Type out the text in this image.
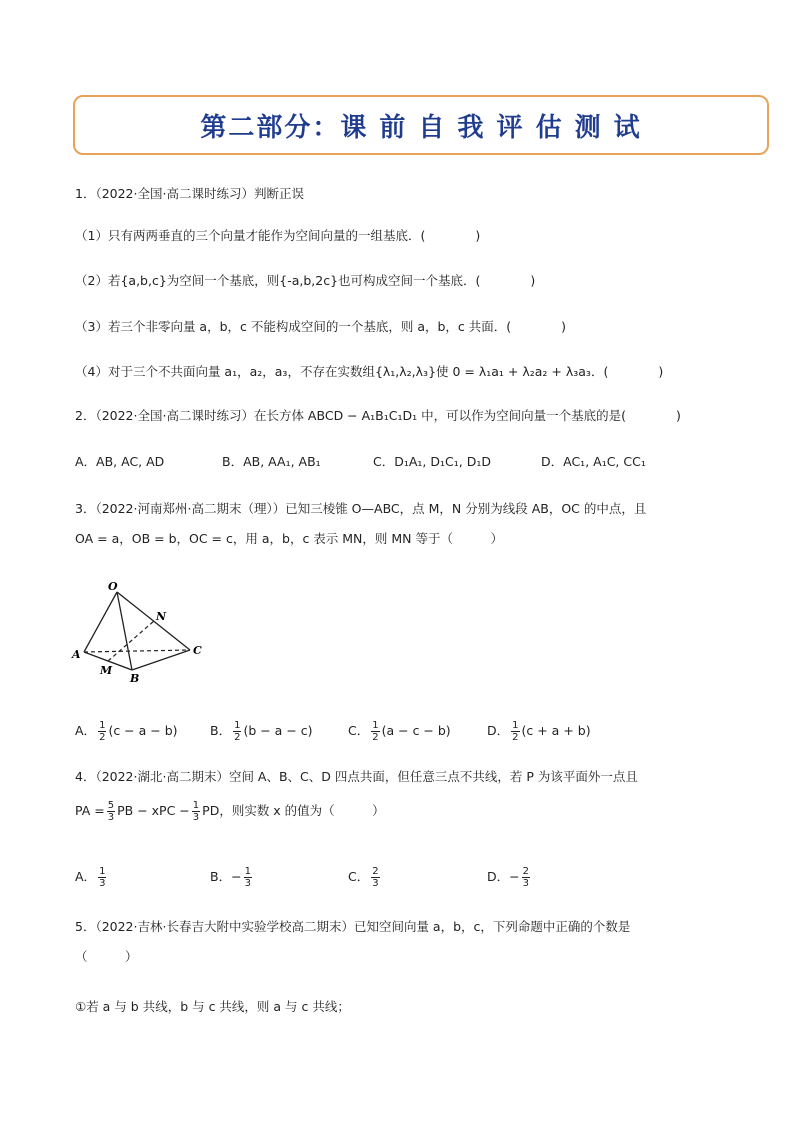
第二部分：课 前 自 我 评 估 测 试
1．（2022·全国·高二课时练习）判断正误
（1）只有两两垂直的三个向量才能作为空间向量的一组基底．(　　　　)
（2）若{a,b,c}为空间一个基底，则{-a,b,2c}也可构成空间一个基底．(　　　　)
（3）若三个非零向量 a，b，c 不能构成空间的一个基底，则 a，b，c 共面．(　　　　)
（4）对于三个不共面向量 a₁，a₂，a₃，不存在实数组{λ₁,λ₂,λ₃}使 0 = λ₁a₁ + λ₂a₂ + λ₃a₃．(　　　　)
2．（2022·全国·高二课时练习）在长方体 ABCD − A₁B₁C₁D₁ 中，可以作为空间向量一个基底的是(　　　　)
A．AB, AC, AD	B．AB, AA₁, AB₁	C．D₁A₁, D₁C₁, D₁D	D．AC₁, A₁C, CC₁
3．（2022·河南郑州·高二期末（理））已知三棱锥 O—ABC，点 M，N 分别为线段 AB，OC 的中点，且
OA = a，OB = b，OC = c，用 a，b，c 表示 MN，则 MN 等于（　　　）
O
N
A	C
M
B
A． $\frac{1}{2} (c - a - b)$	B． $\frac{1}{2} (b - a - c)$	C． $\frac{1}{2} (a - c - b)$	D． $\frac{1}{2} (c + a + b)$
4．（2022·湖北·高二期末）空间 A、B、C、D 四点共面，但任意三点不共线，若 P 为该平面外一点且
PA = $\frac{5}{3}$ PB − xPC − $\frac{1}{3}$ PD，则实数 x 的值为（　　　）
A． $\frac{1}{3}$	B．− $\frac{1}{3}$	C． $\frac{2}{3}$	D．− $\frac{2}{3}$
5．（2022·吉林·长春吉大附中实验学校高二期末）已知空间向量 a，b，c，下列命题中正确的个数是
（　　　）
①若 a 与 b 共线，b 与 c 共线，则 a 与 c 共线；
